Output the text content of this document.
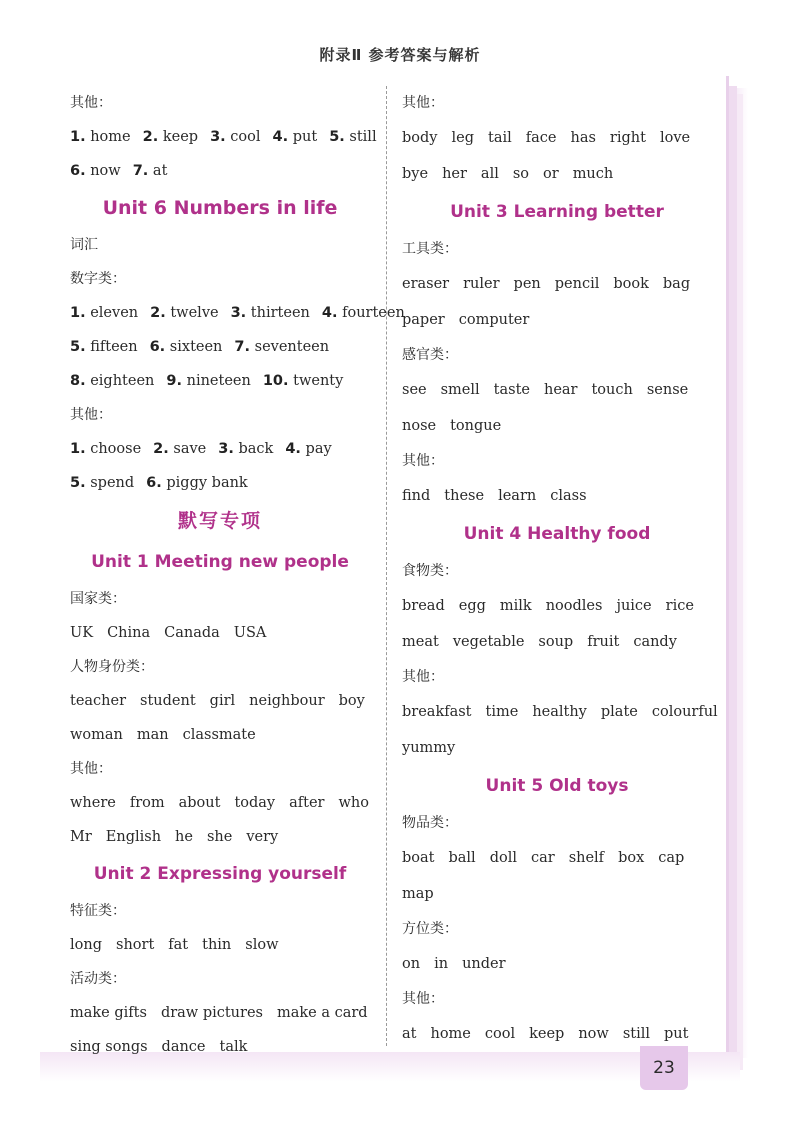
附录Ⅱ 参考答案与解析
其他：
1. home 2. keep 3. cool 4. put 5. still
6. now 7. at
Unit 6 Numbers in life
词汇
数字类：
1. eleven 2. twelve 3. thirteen 4. fourteen
5. fifteen 6. sixteen 7. seventeen
8. eighteen 9. nineteen 10. twenty
其他：
1. choose 2. save 3. back 4. pay
5. spend 6. piggy bank
默写专项
Unit 1 Meeting new people
国家类：
UK China Canada USA
人物身份类：
teacher student girl neighbour boy
woman man classmate
其他：
where from about today after who
Mr English he she very
Unit 2 Expressing yourself
特征类：
long short fat thin slow
活动类：
make gifts draw pictures make a card
sing songs dance talk
其他：
body leg tail face has right love
bye her all so or much
Unit 3 Learning better
工具类：
eraser ruler pen pencil book bag
paper computer
感官类：
see smell taste hear touch sense
nose tongue
其他：
find these learn class
Unit 4 Healthy food
食物类：
bread egg milk noodles juice rice
meat vegetable soup fruit candy
其他：
breakfast time healthy plate colourful
yummy
Unit 5 Old toys
物品类：
boat ball doll car shelf box cap
map
方位类：
on in under
其他：
at home cool keep now still put
23
